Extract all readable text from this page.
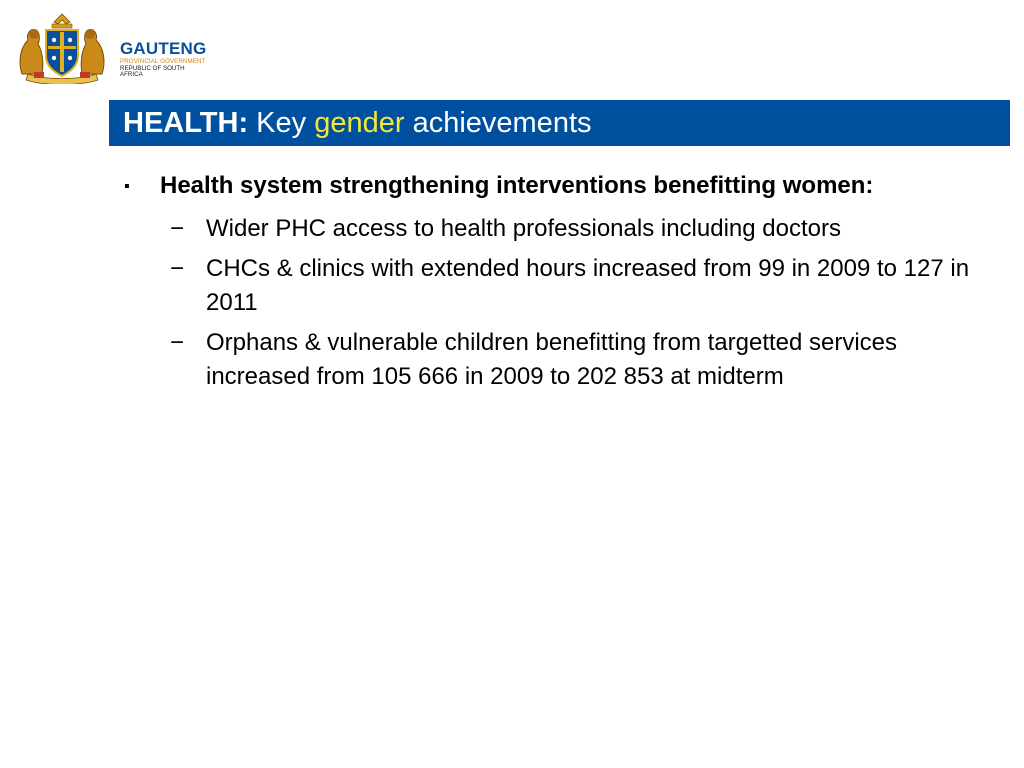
GAUTENG
PROVINCIAL GOVERNMENT
REPUBLIC OF SOUTH AFRICA
HEALTH: Key gender achievements
▪	Health system strengthening interventions benefitting women:
− Wider PHC access to health professionals including doctors
− CHCs & clinics with extended hours increased from 99 in 2009 to 127 in 2011
− Orphans & vulnerable children benefitting from targetted services increased from 105 666 in 2009 to 202 853 at midterm
